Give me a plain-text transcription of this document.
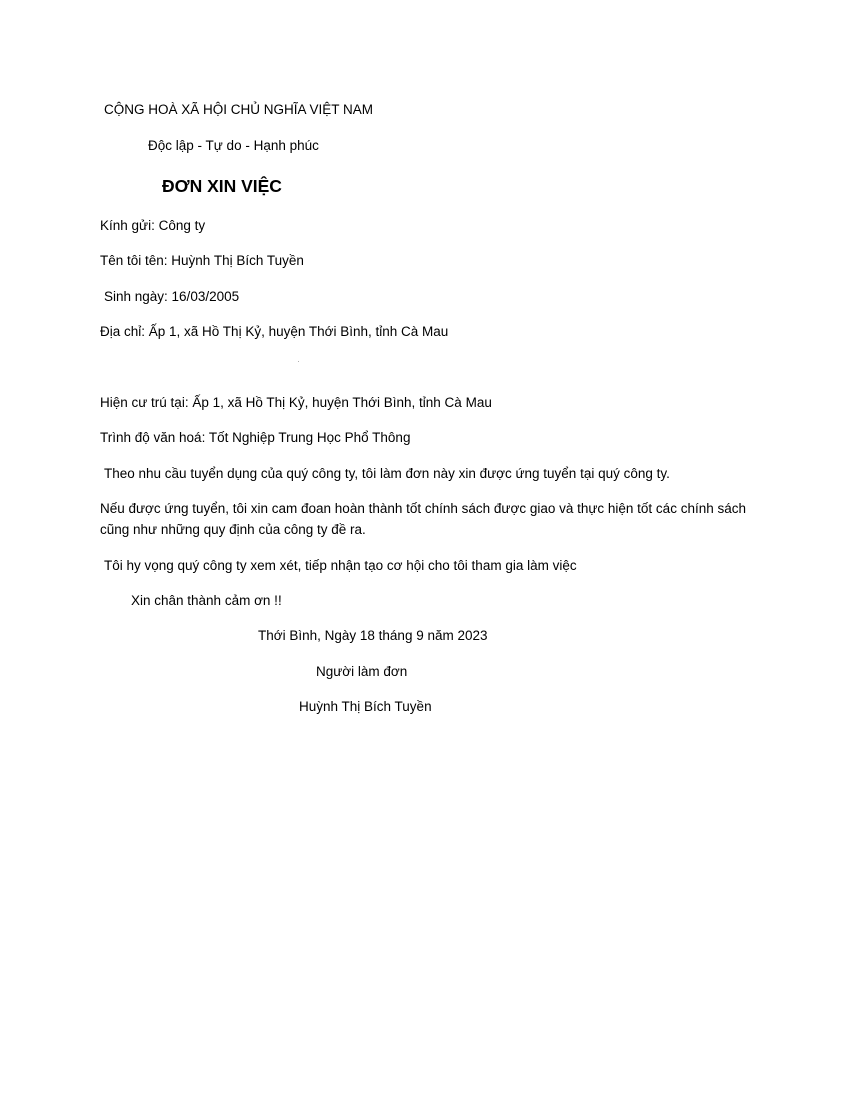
CỘNG HOÀ XÃ HỘI CHỦ NGHĨA VIỆT NAM
Độc lập - Tự do - Hạnh phúc
ĐƠN XIN VIỆC
Kính gửi: Công ty
Tên tôi tên: Huỳnh Thị Bích Tuyền
Sinh ngày: 16/03/2005
Địa chỉ: Ấp 1, xã Hồ Thị Kỷ, huyện Thới Bình, tỉnh Cà Mau
Hiện cư trú tại: Ấp 1, xã Hồ Thị Kỷ, huyện Thới Bình, tỉnh Cà Mau
Trình độ văn hoá: Tốt Nghiệp Trung Học Phổ Thông
Theo nhu cầu tuyển dụng của quý công ty, tôi làm đơn này xin được ứng tuyển tại quý công ty.
Nếu được ứng tuyển, tôi xin cam đoan hoàn thành tốt chính sách được giao và thực hiện tốt các chính sách cũng như những quy định của công ty đề ra.
Tôi hy vọng quý công ty xem xét, tiếp nhận tạo cơ hội cho tôi tham gia làm việc
Xin chân thành cảm ơn !!
Thới Bình, Ngày 18 tháng 9 năm 2023
Người làm đơn
Huỳnh Thị Bích Tuyền
